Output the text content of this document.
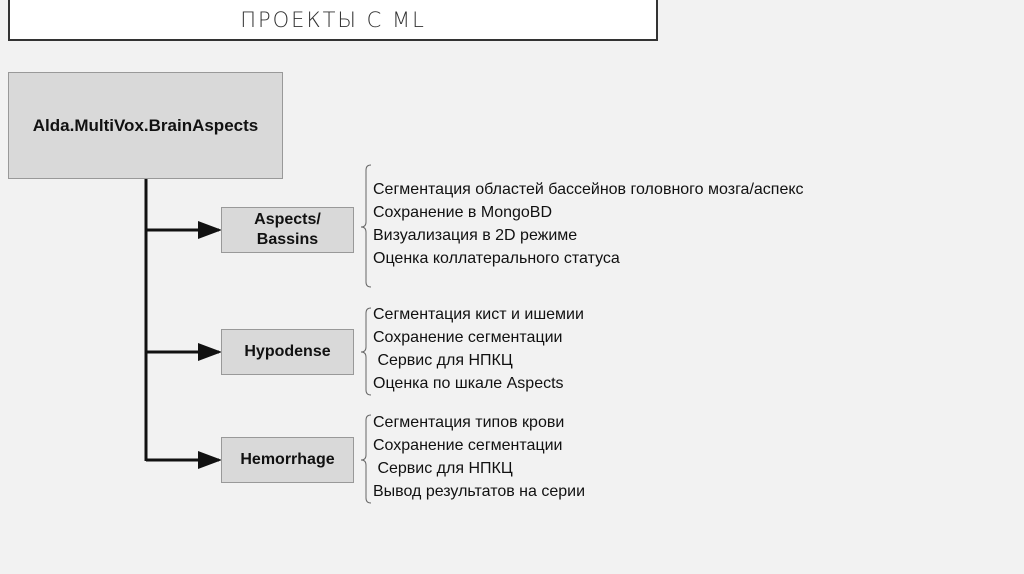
ПРОЕКТЫ С ML
Alda.MultiVox.BrainAspects
Aspects/
Bassins
Hypodense
Hemorrhage
Сегментация областей бассейнов головного мозга/аспекс
Сохранение в MongoBD
Визуализация в 2D режиме
Оценка коллатерального статуса
Сегментация кист и ишемии
Сохранение сегментации
Сервис для НПКЦ
Оценка по шкале Aspects
Сегментация типов крови
Сохранение сегментации
Сервис для НПКЦ
Вывод результатов на серии
